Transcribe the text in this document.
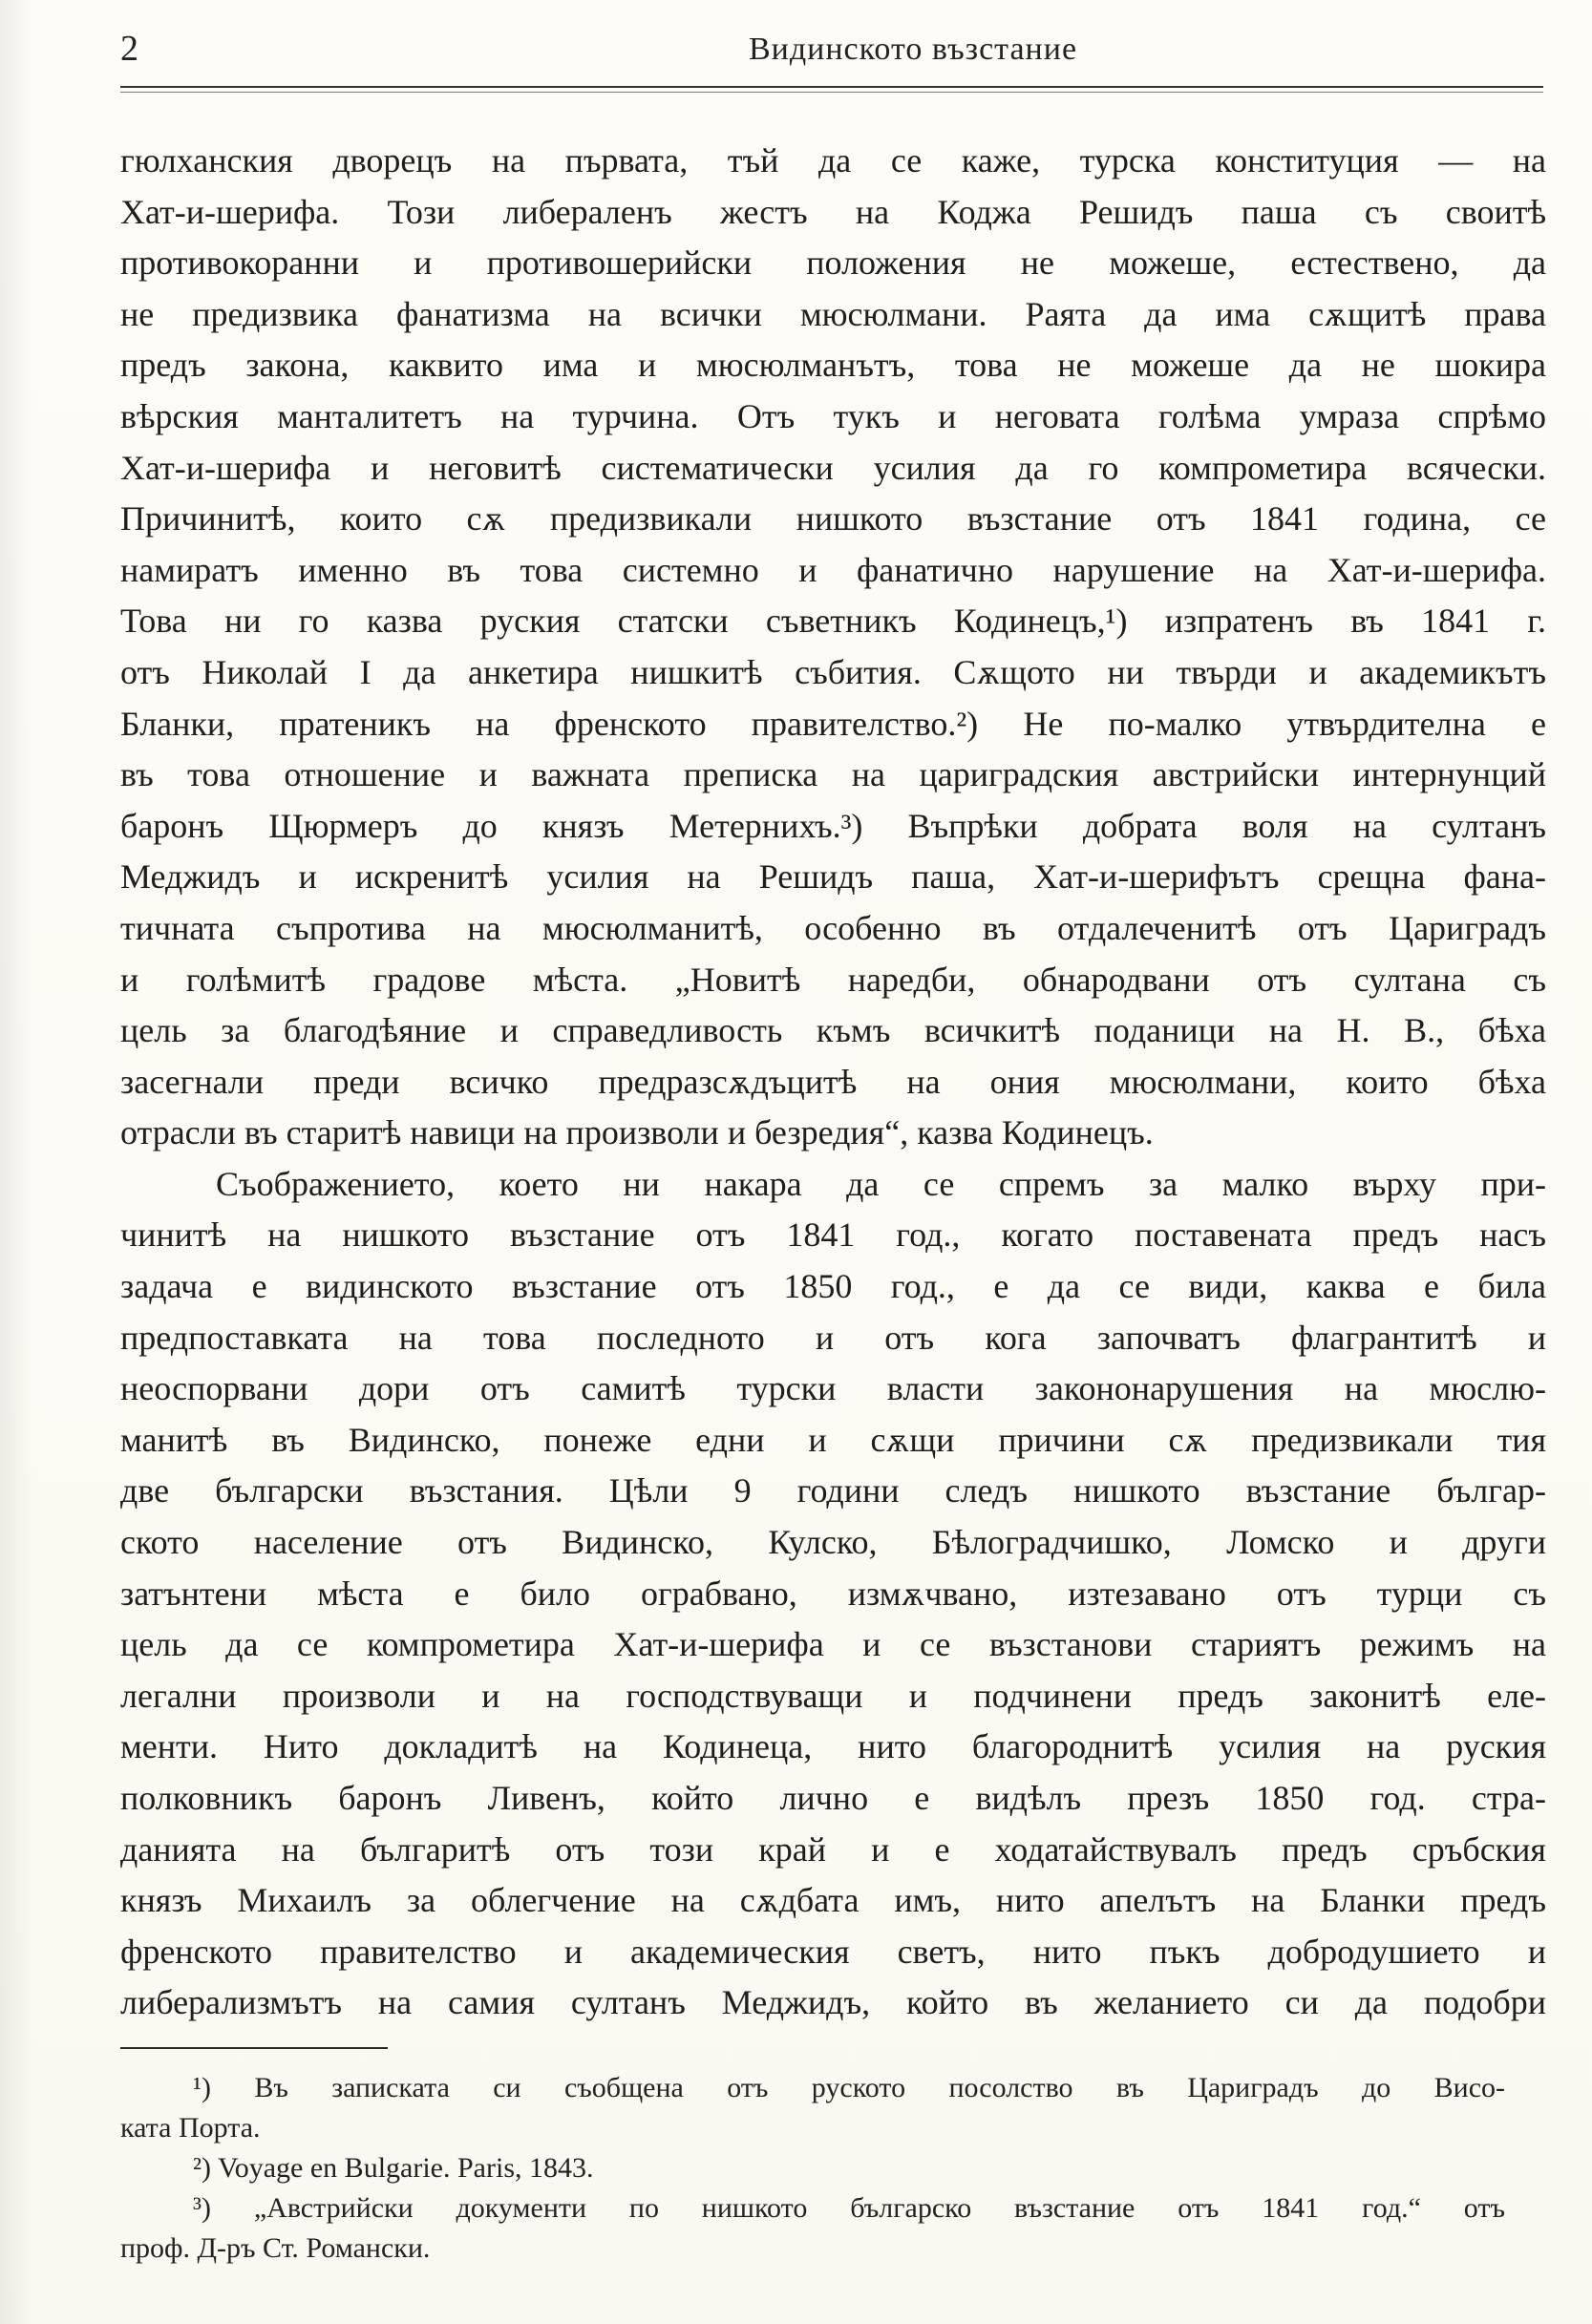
2	Видинското възстание
гюлханския дворецъ на първата, тъй да се каже, турска конституция — на
Хат-и-шерифа. Този либераленъ жестъ на Коджа Решидъ паша съ своитѣ
противокоранни и противошерийски положения не можеше, естествено, да
не предизвика фанатизма на всички мюсюлмани. Раята да има сѫщитѣ права
предъ закона, каквито има и мюсюлманътъ, това не можеше да не шокира
вѣрския манталитетъ на турчина. Отъ тукъ и неговата голѣма умраза спрѣмо
Хат-и-шерифа и неговитѣ систематически усилия да го компрометира всячески.
Причинитѣ, които сѫ предизвикали нишкото възстание отъ 1841 година, се
намиратъ именно въ това системно и фанатично нарушение на Хат-и-шерифа.
Това ни го казва руския статски съветникъ Кодинецъ,¹) изпратенъ въ 1841 г.
отъ Николай I да анкетира нишкитѣ събития. Сѫщото ни твърди и академикътъ
Бланки, пратеникъ на френското правителство.²) Не по-малко утвърдителна е
въ това отношение и важната преписка на цариградския австрийски интернунций
баронъ Щюрмеръ до князъ Метернихъ.³) Въпрѣки добрата воля на султанъ
Меджидъ и искренитѣ усилия на Решидъ паша, Хат-и-шерифътъ срещна фана-
тичната съпротива на мюсюлманитѣ, особенно въ отдалеченитѣ отъ Цариградъ
и голѣмитѣ градове мѣста. „Новитѣ наредби, обнародвани отъ султана съ
цель за благодѣяние и справедливость къмъ всичкитѣ поданици на Н. В., бѣха
засегнали преди всичко предразсѫдъцитѣ на ония мюсюлмани, които бѣха
отрасли въ старитѣ навици на произволи и безредия“, казва Кодинецъ.
Съображението, което ни накара да се спремъ за малко върху при-
чинитѣ на нишкото възстание отъ 1841 год., когато поставената предъ насъ
задача е видинското възстание отъ 1850 год., е да се види, каква е била
предпоставката на това последното и отъ кога започватъ флагрантитѣ и
неоспорвани дори отъ самитѣ турски власти закононарушения на мюслю-
манитѣ въ Видинско, понеже едни и сѫщи причини сѫ предизвикали тия
две български възстания. Цѣли 9 години следъ нишкото възстание българ-
ското население отъ Видинско, Кулско, Бѣлоградчишко, Ломско и други
затънтени мѣста е било ограбвано, измѫчвано, изтезавано отъ турци съ
цель да се компрометира Хат-и-шерифа и се възстанови стариятъ режимъ на
легални произволи и на господствуващи и подчинени предъ законитѣ еле-
менти. Нито докладитѣ на Кодинеца, нито благороднитѣ усилия на руския
полковникъ баронъ Ливенъ, който лично е видѣлъ презъ 1850 год. стра-
данията на българитѣ отъ този край и е ходатайствувалъ предъ сръбския
князъ Михаилъ за облегчение на сѫдбата имъ, нито апелътъ на Бланки предъ
френското правителство и академическия светъ, нито пъкъ добродушието и
либерализмътъ на самия султанъ Меджидъ, който въ желанието си да подобри
¹) Въ записката си съобщена отъ руското посолство въ Цариградъ до Висо-
ката Порта.
²) Voyage en Bulgarie. Paris, 1843.
³) „Австрийски документи по нишкото българско възстание отъ 1841 год.“ отъ
проф. Д-ръ Ст. Романски.
